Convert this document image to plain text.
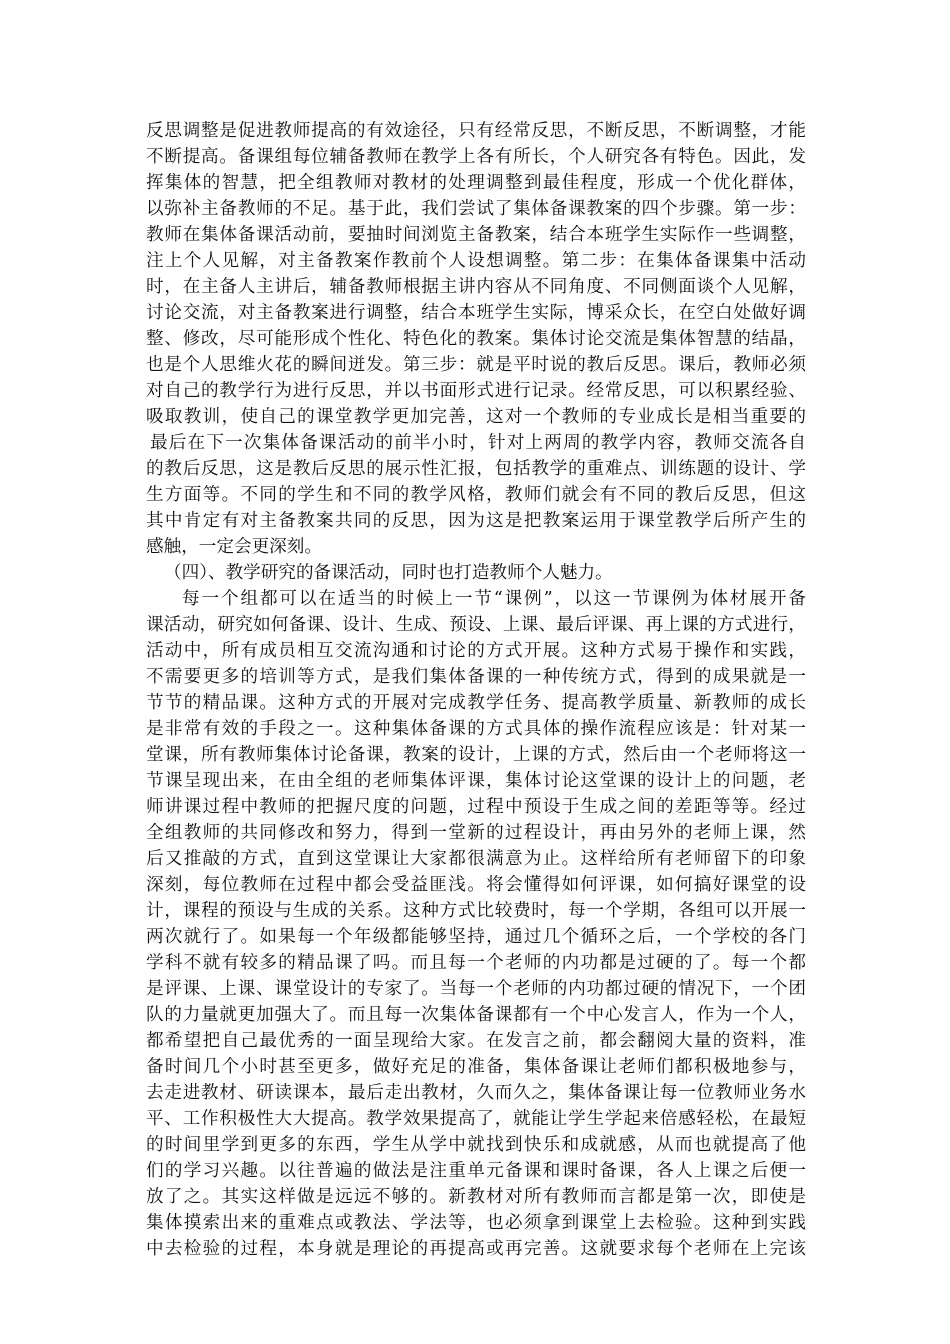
反思调整是促进教师提高的有效途径，只有经常反思，不断反思，不断调整，才能
不断提高。备课组每位辅备教师在教学上各有所长，个人研究各有特色。因此，发
挥集体的智慧，把全组教师对教材的处理调整到最佳程度，形成一个优化群体，
以弥补主备教师的不足。基于此，我们尝试了集体备课教案的四个步骤。第一步：
教师在集体备课活动前，要抽时间浏览主备教案，结合本班学生实际作一些调整，
注上个人见解，对主备教案作教前个人设想调整。第二步：在集体备课集中活动
时，在主备人主讲后，辅备教师根据主讲内容从不同角度、不同侧面谈个人见解，
讨论交流，对主备教案进行调整，结合本班学生实际，博采众长，在空白处做好调
整、修改，尽可能形成个性化、特色化的教案。集体讨论交流是集体智慧的结晶，
也是个人思维火花的瞬间迸发。第三步：就是平时说的教后反思。课后，教师必须
对自己的教学行为进行反思，并以书面形式进行记录。经常反思，可以积累经验、
吸取教训，使自己的课堂教学更加完善，这对一个教师的专业成长是相当重要的
最后在下一次集体备课活动的前半小时，针对上两周的教学内容，教师交流各自
的教后反思，这是教后反思的展示性汇报，包括教学的重难点、训练题的设计、学
生方面等。不同的学生和不同的教学风格，教师们就会有不同的教后反思，但这
其中肯定有对主备教案共同的反思，因为这是把教案运用于课堂教学后所产生的
感触，一定会更深刻。
（四）、教学研究的备课活动，同时也打造教师个人魅力。
每一个组都可以在适当的时候上一节“课例”，以这一节课例为体材展开备
课活动，研究如何备课、设计、生成、预设、上课、最后评课、再上课的方式进行，
活动中，所有成员相互交流沟通和讨论的方式开展。这种方式易于操作和实践，
不需要更多的培训等方式，是我们集体备课的一种传统方式，得到的成果就是一
节节的精品课。这种方式的开展对完成教学任务、提高教学质量、新教师的成长
是非常有效的手段之一。这种集体备课的方式具体的操作流程应该是：针对某一
堂课，所有教师集体讨论备课，教案的设计，上课的方式，然后由一个老师将这一
节课呈现出来，在由全组的老师集体评课，集体讨论这堂课的设计上的问题，老
师讲课过程中教师的把握尺度的问题，过程中预设于生成之间的差距等等。经过
全组教师的共同修改和努力，得到一堂新的过程设计，再由另外的老师上课，然
后又推敲的方式，直到这堂课让大家都很满意为止。这样给所有老师留下的印象
深刻，每位教师在过程中都会受益匪浅。将会懂得如何评课，如何搞好课堂的设
计，课程的预设与生成的关系。这种方式比较费时，每一个学期，各组可以开展一
两次就行了。如果每一个年级都能够坚持，通过几个循环之后，一个学校的各门
学科不就有较多的精品课了吗。而且每一个老师的内功都是过硬的了。每一个都
是评课、上课、课堂设计的专家了。当每一个老师的内功都过硬的情况下，一个团
队的力量就更加强大了。而且每一次集体备课都有一个中心发言人，作为一个人，
都希望把自己最优秀的一面呈现给大家。在发言之前，都会翻阅大量的资料，准
备时间几个小时甚至更多，做好充足的准备，集体备课让老师们都积极地参与，
去走进教材、研读课本，最后走出教材，久而久之，集体备课让每一位教师业务水
平、工作积极性大大提高。教学效果提高了，就能让学生学起来倍感轻松，在最短
的时间里学到更多的东西，学生从学中就找到快乐和成就感，从而也就提高了他
们的学习兴趣。以往普遍的做法是注重单元备课和课时备课，各人上课之后便一
放了之。其实这样做是远远不够的。新教材对所有教师而言都是第一次，即使是
集体摸索出来的重难点或教法、学法等，也必须拿到课堂上去检验。这种到实践
中去检验的过程，本身就是理论的再提高或再完善。这就要求每个老师在上完该
